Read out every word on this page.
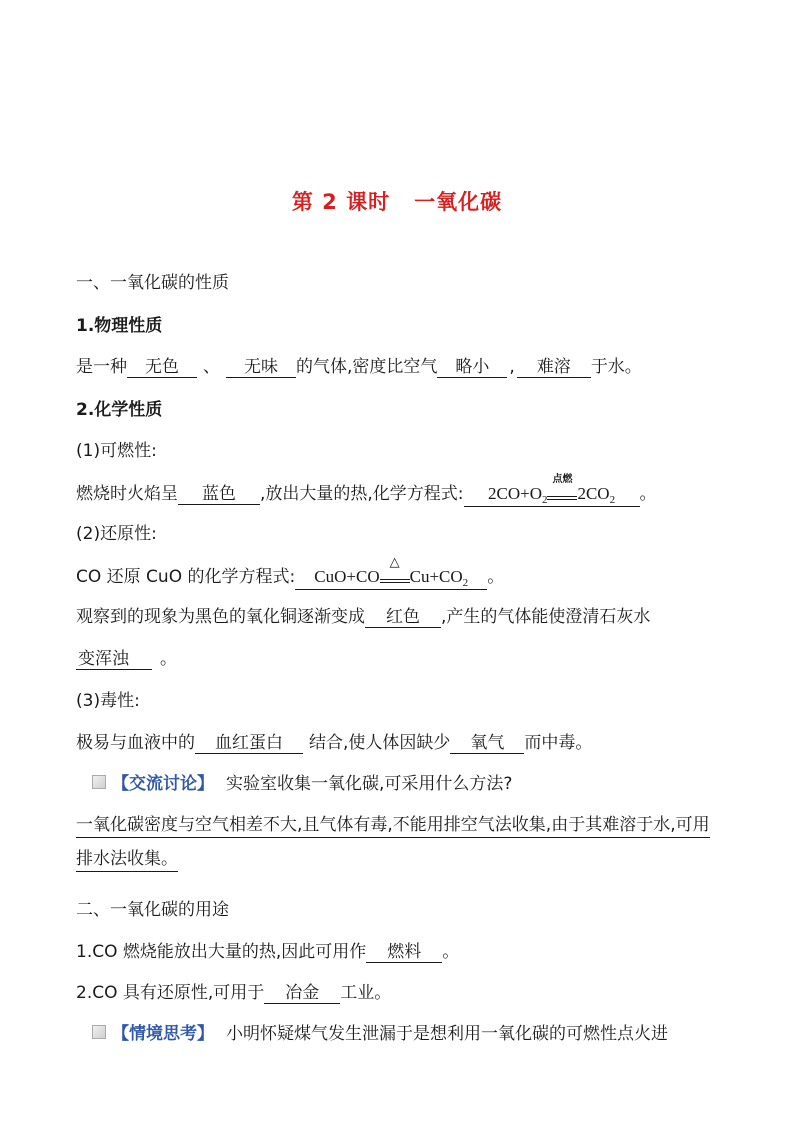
第 2 课时 一氧化碳
一、一氧化碳的性质
1.物理性质
是一种 无色 、 无味 的气体,密度比空气 略小 , 难溶 于水。
2.化学性质
(1)可燃性:
燃烧时火焰呈 蓝色 ,放出大量的热,化学方程式: $2CO+O_2$
点燃
$2CO_2$ 。
(2)还原性:
CO 还原 CuO 的化学方程式: CuO+CO
△
$Cu+CO_2$ 。
观察到的现象为黑色的氧化铜逐渐变成 红色 ,产生的气体能使澄清石灰水
变浑浊 。
(3)毒性:
极易与血液中的 血红蛋白 结合,使人体因缺少 氧气 而中毒。
【交流讨论】 实验室收集一氧化碳,可采用什么方法?
一氧化碳密度与空气相差不大,且气体有毒,不能用排空气法收集,由于其难溶于水,可用排水法收集。
二、一氧化碳的用途
1.CO 燃烧能放出大量的热,因此可用作 燃料 。
2.CO 具有还原性,可用于 冶金 工业。
【情境思考】 小明怀疑煤气发生泄漏于是想利用一氧化碳的可燃性点火进
